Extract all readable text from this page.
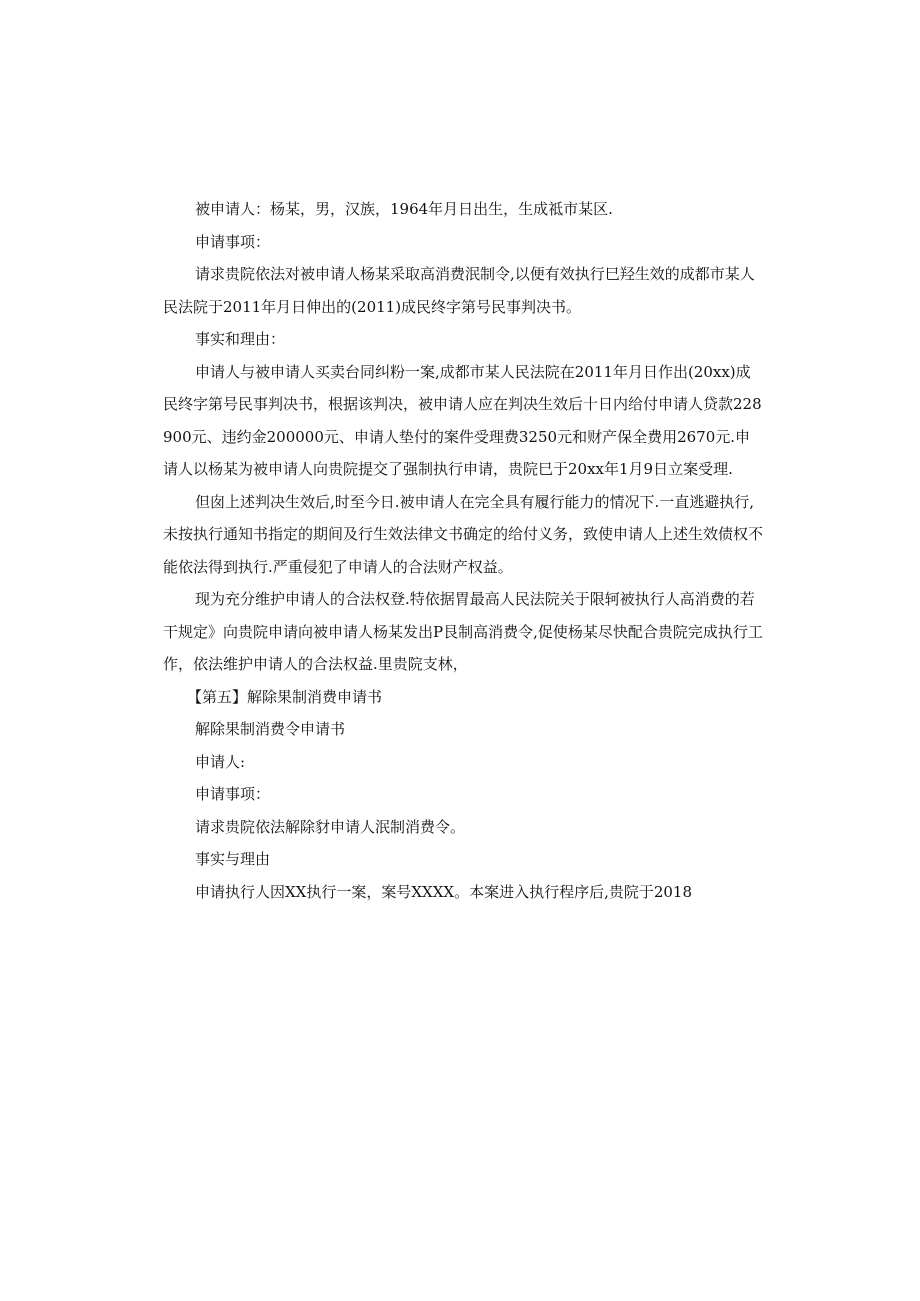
被申请人：杨某，男，汉族，1964年月日出生，生成祗市某区.

申请事项：

请求贵院依法对被申请人杨某采取高消费泯制令,以便有效执行巳羟生效的成都市某人民法院于2011年月日伸出的(2011)成民终字第号民事判决书。

事实和理由：

申请人与被申请人买卖台同纠粉一案,成都市某人民法院在2011年月日作出(20xx)成民终字第号民事判决书，根据该判决，被申请人应在判决生效后十日内给付申请人贷款228900元、违约金200000元、申请人垫付的案件受理费3250元和财产保全费用2670元.申请人以杨某为被申请人向贵院提交了强制执行申请，贵院巳于20xx年1月9日立案受理.

但囱上述判决生效后,时至今日.被申请人在完全具有履行能力的情况下.一直逃避执行,未按执行通知书指定的期间及行生效法律文书确定的给付义务，致使申请人上述生效债权不能依法得到执行.严重侵犯了申请人的合法财产权益。

现为充分维护申请人的合法权登.特依据胃最高人民法院关于限轲被执行人高消费的若干规定》向贵院申请向被申请人杨某发出P艮制高消费令,促使杨某尽快配合贵院完成执行工作，依法维护申请人的合法权益.里贵院支林，

【第五】解除果制消费申请书

解除果制消费令申请书

申请人:

申请事项：

请求贵院依法解除豺申请人泯制消费令。

事实与理由

申请执行人因XX执行一案，案号XXXX。本案进入执行程序后,贵院于2018
